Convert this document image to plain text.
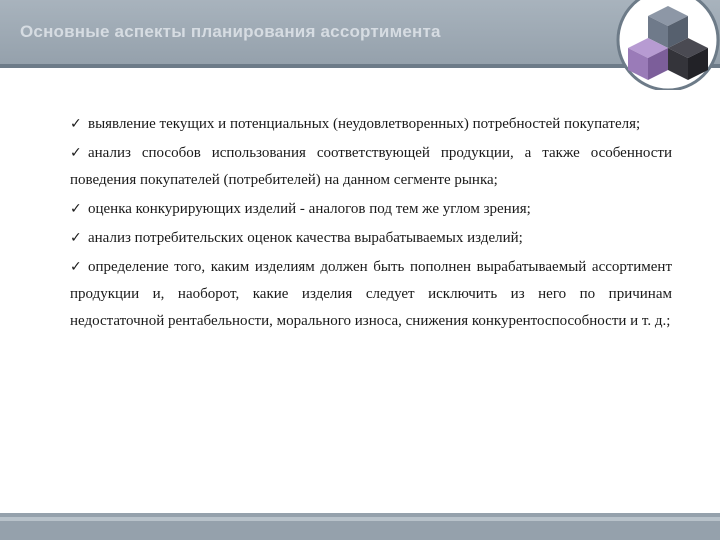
Основные аспекты планирования ассортимента

✓ выявление текущих и потенциальных (неудовлетворенных) потребностей покупателя;

✓ анализ способов использования соответствующей продукции, а также особенности поведения покупателей (потребителей) на данном сегменте рынка;

✓ оценка конкурирующих изделий - аналогов под тем же углом зрения;

✓ анализ потребительских оценок качества вырабатываемых изделий;

✓ определение того, каким изделиям должен быть пополнен вырабатываемый ассортимент продукции и, наоборот, какие изделия следует исключить из него по причинам недостаточной рентабельности, морального износа, снижения конкурентоспособности и т. д.;
